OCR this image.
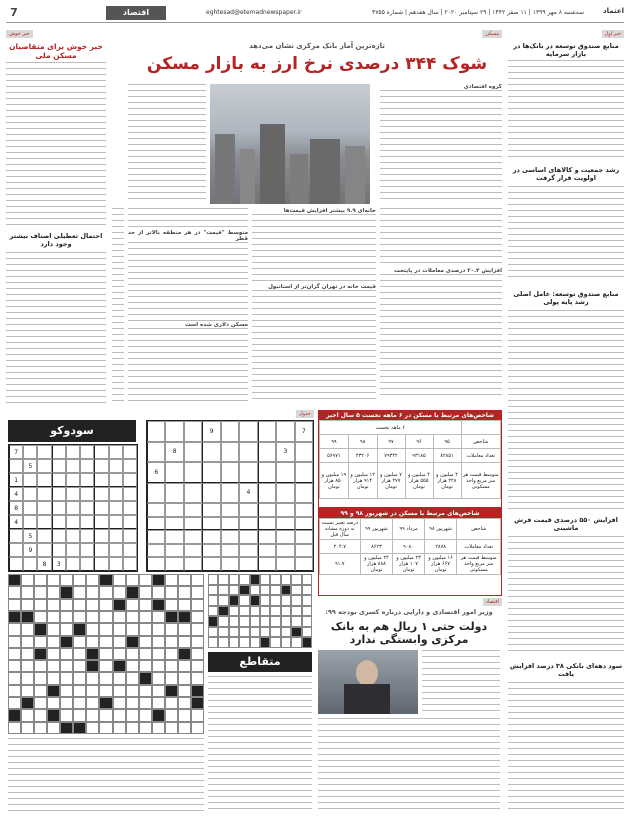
7	اقتصاد	eghtesad@etemadnewspaper.ir	سه‌شنبه ۸ مهر ۱۳۹۹ | ۱۱ صفر ۱۴۴۲ | ۲۹ سپتامبر ۲۰۲۰ | سال هفدهم | شماره ۴۷۵۵	اعتماد
خبر اول
منابع صندوق توسعه در بانک‌ها در بازار سرمایه
رشد جمعیت و کالاهای اساسی در اولویت قرار گرفت
منابع صندوق توسعه: عامل اصلی رشد پایه پولی
افزایش ۵۵۰ درصدی قیمت فرش ماشینی
سود دهه‌ای بانکی ۳۸ درصد افزایش یافت
مسکن
تازه‌ترین آمار بانک مرکزی نشان می‌دهد
شوک ۳۴۴ درصدی نرخ ارز به بازار مسکن
گروه اقتصادی
افزایش ۳۰.۴ درصدی معاملات در پایتخت
خانه‌ای ۹.۹ بیشتر افزایش قیمت‌ها
قیمت خانه در تهران گران‌تر از استانبول
متوسط "قیمت" در هر منطقه بالاتر از حد قطر
مسکن دلاری شده است
شاخص‌های مرتبط با مسکن در ۶ ماهه نخست ۵ سال اخیر
	۶ ماهه نخست				
شاخص	۹۵	۹۶	۹۷	۹۸	۹۹
تعداد معاملات	۸۲۸۵۱	۹۳۱۸۵	۷۹۳۴۲	۴۳۲۰۶	۵۶۹۷۱
متوسط قیمت هر متر مربع واحد مسکونی	۴ میلیون و ۲۲۸ هزار تومان	۴ میلیون و ۵۵۵ هزار تومان	۷ میلیون و ۲۷۷ هزار تومان	۱۲ میلیون و ۹۱۴ هزار تومان	۱۹ میلیون و ۸۵۰ هزار تومان
شاخص‌های مرتبط با مسکن در شهریور ۹۸ و ۹۹
شاخص	شهریور ۹۸	مرداد ۹۹	شهریور ۹۹	درصد تغییر نسبت به دوره مشابه سال قبل
تعداد معاملات	۲۸۷۸	۹۰۸۰	۸۶۲۳	۲۰۴.۷
متوسط قیمت هر متر مربع واحد مسکونی	۱۶ میلیون و ۶۶۷ هزار تومان	۲۳ میلیون و ۱۰۷ هزار تومان	۲۴ میلیون و ۸۸۸ هزار تومان	۹۱.۷
اقتصاد
وزیر امور اقتصادی و دارایی درباره کسری بودجه ۹۹:
دولت حتی ۱ ریال هم به بانک مرکزی وابستگی ندارد
خبر خوش
خبر خوش برای متقاضیان مسکن ملی
احتمال تعطیلی اصناف بیشتر وجود دارد
جدول
سودوکو
7
5
1
4
8
4
5
9
3
8
7
9
3
8
6
4
متقاطع
